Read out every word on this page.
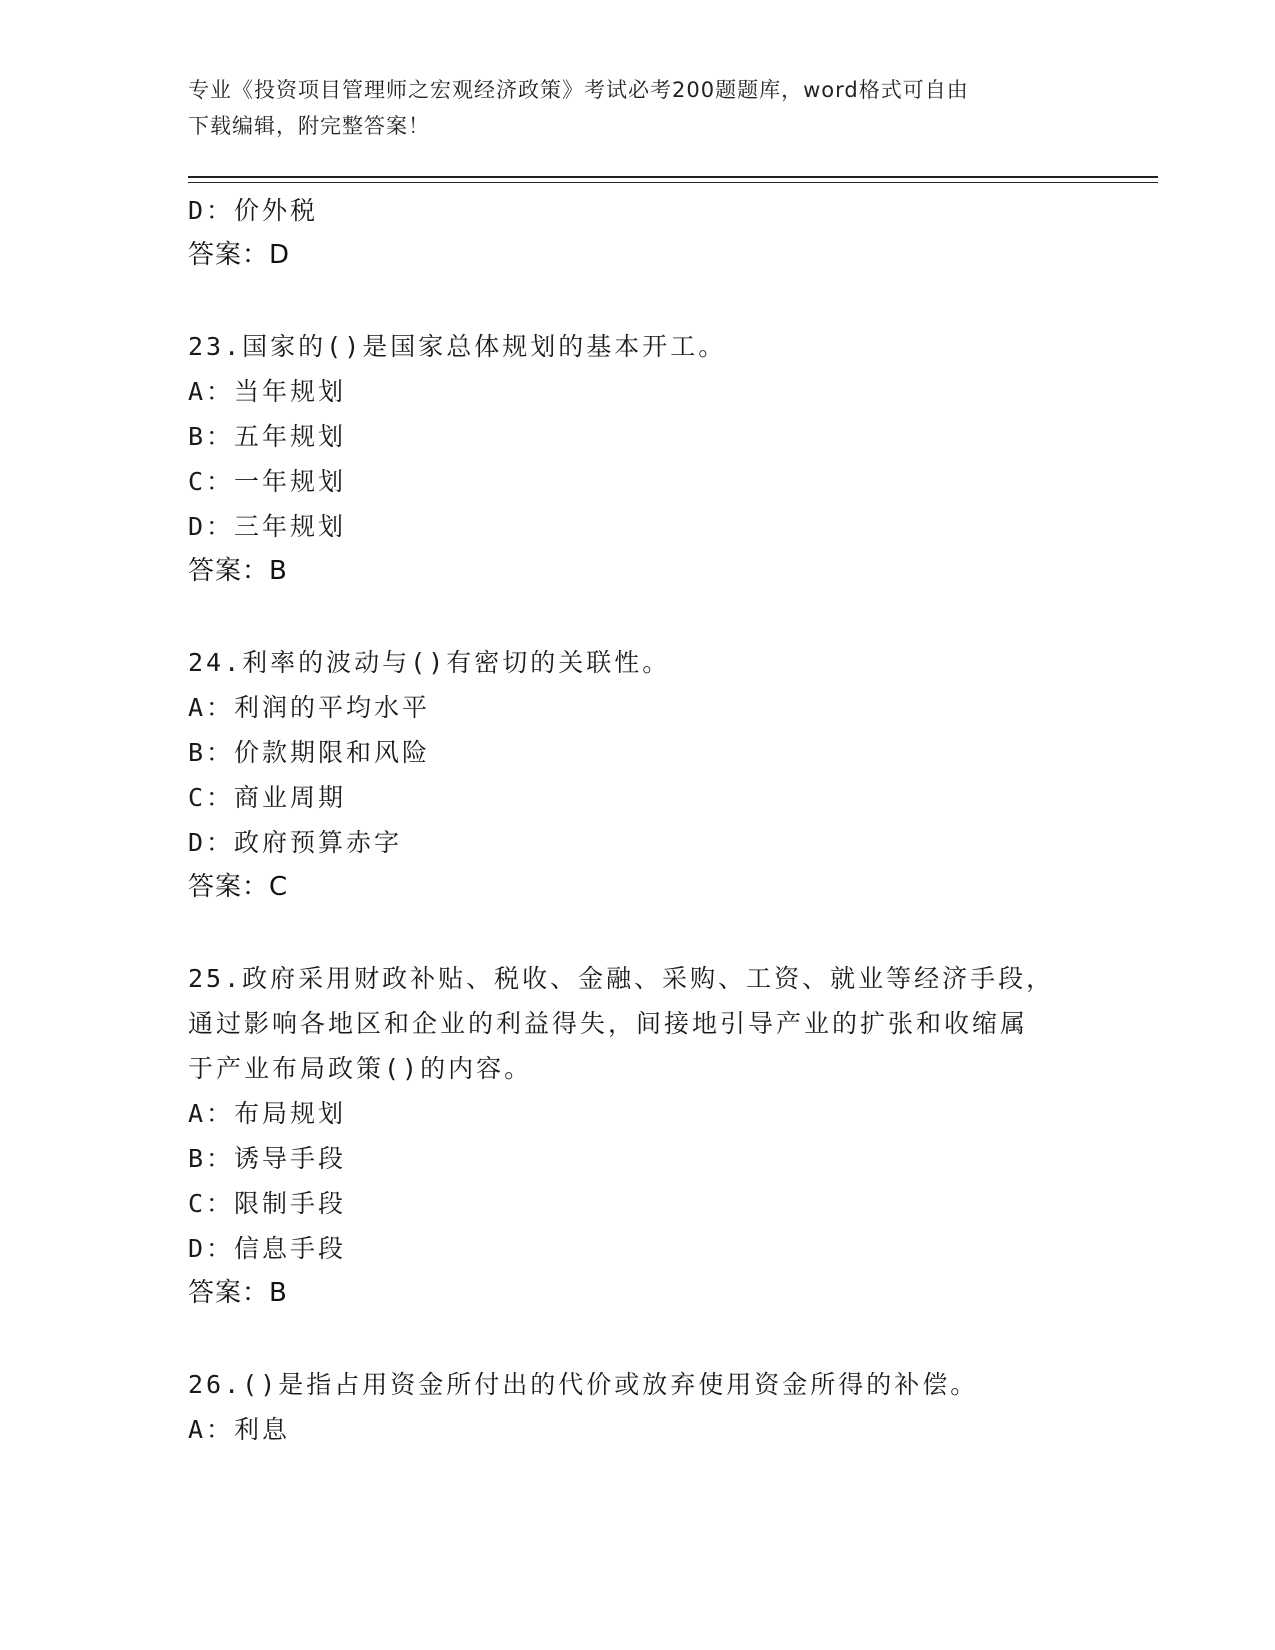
专业《投资项目管理师之宏观经济政策》考试必考200题题库，word格式可自由
下载编辑，附完整答案！
D：价外税
答案：D
23.国家的()是国家总体规划的基本开工。
A：当年规划
B：五年规划
C：一年规划
D：三年规划
答案：B
24.利率的波动与()有密切的关联性。
A：利润的平均水平
B：价款期限和风险
C：商业周期
D：政府预算赤字
答案：C
25.政府采用财政补贴、税收、金融、采购、工资、就业等经济手段，
通过影响各地区和企业的利益得失，间接地引导产业的扩张和收缩属
于产业布局政策()的内容。
A：布局规划
B：诱导手段
C：限制手段
D：信息手段
答案：B
26.()是指占用资金所付出的代价或放弃使用资金所得的补偿。
A：利息
